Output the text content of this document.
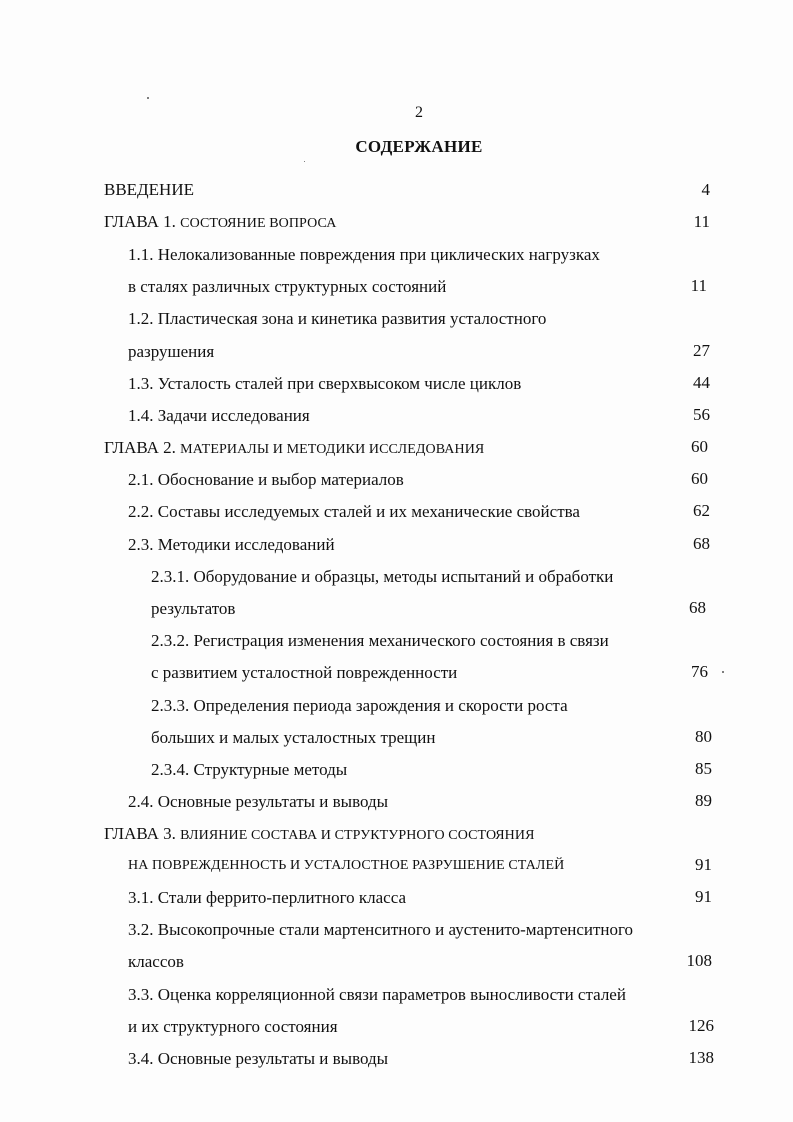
2
СОДЕРЖАНИЕ
ВВЕДЕНИЕ	4
ГЛАВА 1. СОСТОЯНИЕ ВОПРОСА	11
1.1. Нелокализованные повреждения при циклических нагрузках
в сталях различных структурных состояний	11
1.2. Пластическая зона и кинетика развития усталостного
разрушения	27
1.3. Усталость сталей при сверхвысоком числе циклов	44
1.4. Задачи исследования	56
ГЛАВА 2. МАТЕРИАЛЫ И МЕТОДИКИ ИССЛЕДОВАНИЯ	60
2.1. Обоснование и выбор материалов	60
2.2. Составы исследуемых сталей и их механические свойства	62
2.3. Методики исследований	68
2.3.1. Оборудование и образцы, методы испытаний и обработки
результатов	68
2.3.2. Регистрация изменения механического состояния в связи
с развитием усталостной поврежденности	76
2.3.3. Определения периода зарождения и скорости роста
больших и малых усталостных трещин	80
2.3.4. Структурные методы	85
2.4. Основные результаты и выводы	89
ГЛАВА 3. ВЛИЯНИЕ СОСТАВА И СТРУКТУРНОГО СОСТОЯНИЯ
НА ПОВРЕЖДЕННОСТЬ И УСТАЛОСТНОЕ РАЗРУШЕНИЕ СТАЛЕЙ	91
3.1. Стали феррито-перлитного класса	91
3.2. Высокопрочные стали мартенситного и аустенито-мартенситного
классов	108
3.3. Оценка корреляционной связи параметров выносливости сталей
и их структурного состояния	126
3.4. Основные результаты и выводы	138
